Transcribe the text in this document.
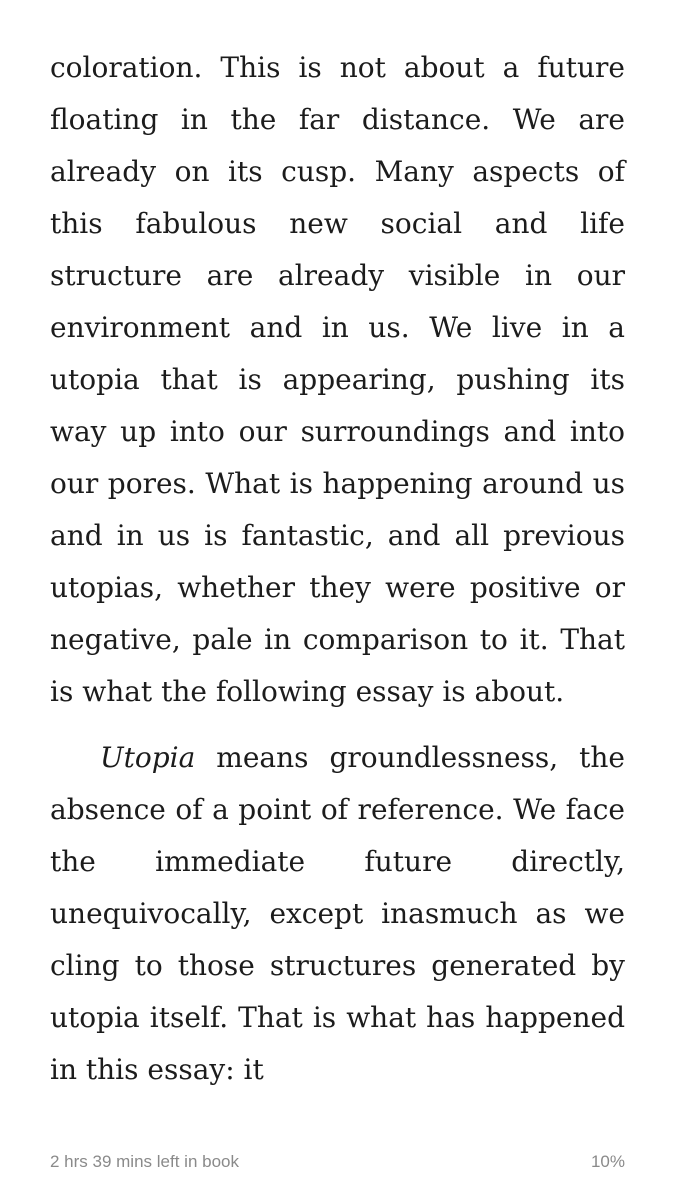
coloration. This is not about a future floating in the far distance. We are already on its cusp. Many aspects of this fabulous new social and life structure are already visible in our environment and in us. We live in a utopia that is appearing, pushing its way up into our surroundings and into our pores. What is happening around us and in us is fantastic, and all previous utopias, whether they were positive or negative, pale in comparison to it. That is what the following essay is about.

Utopia means groundlessness, the absence of a point of reference. We face the immediate future directly, unequivocally, except inasmuch as we cling to those structures generated by utopia itself. That is what has happened in this essay: it

2 hrs 39 mins left in book	10%
